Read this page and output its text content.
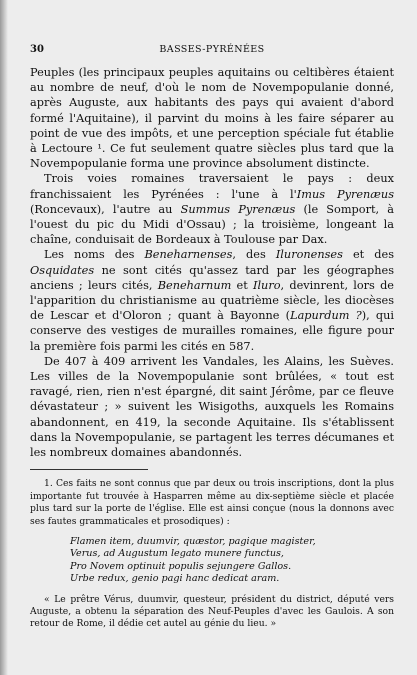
30	BASSES-PYRÉNÉES

Peuples (les principaux peuples aquitains ou celtibères étaient au nombre de neuf, d'où le nom de Novempopulanie donné, après Auguste, aux habitants des pays qui avaient d'abord formé l'Aquitaine), il parvint du moins à les faire séparer au point de vue des impôts, et une perception spéciale fut établie à Lectoure ¹. Ce fut seulement quatre siècles plus tard que la Novempopulanie forma une province absolument distincte.

Trois voies romaines traversaient le pays : deux franchissaient les Pyrénées : l'une à l'Imus Pyrenæus (Roncevaux), l'autre au Summus Pyrenæus (le Somport, à l'ouest du pic du Midi d'Ossau) ; la troisième, longeant la chaîne, conduisait de Bordeaux à Toulouse par Dax.

Les noms des Beneharnenses, des Iluronenses et des Osquidates ne sont cités qu'assez tard par les géographes anciens ; leurs cités, Beneharnum et Iluro, devinrent, lors de l'apparition du christianisme au quatrième siècle, les diocèses de Lescar et d'Oloron ; quant à Bayonne (Lapurdum ?), qui conserve des vestiges de murailles romaines, elle figure pour la première fois parmi les cités en 587.

De 407 à 409 arrivent les Vandales, les Alains, les Suèves. Les villes de la Novempopulanie sont brûlées, « tout est ravagé, rien, rien n'est épargné, dit saint Jérôme, par ce fleuve dévastateur ; » suivent les Wisigoths, auxquels les Romains abandonnent, en 419, la seconde Aquitaine. Ils s'établissent dans la Novempopulanie, se partagent les terres décumanes et les nombreux domaines abandonnés.

1. Ces faits ne sont connus que par deux ou trois inscriptions, dont la plus importante fut trouvée à Hasparren même au dix-septième siècle et placée plus tard sur la porte de l'église. Elle est ainsi conçue (nous la donnons avec ses fautes grammaticales et prosodiques) :

Flamen item, duumvir, quæstor, pagique magister,
Verus, ad Augustum legato munere functus,
Pro Novem optinuit populis sejungere Gallos.
Urbe redux, genio pagi hanc dedicat aram.

« Le prêtre Vérus, duumvir, questeur, président du district, député vers Auguste, a obtenu la séparation des Neuf-Peuples d'avec les Gaulois. A son retour de Rome, il dédie cet autel au génie du lieu. »
